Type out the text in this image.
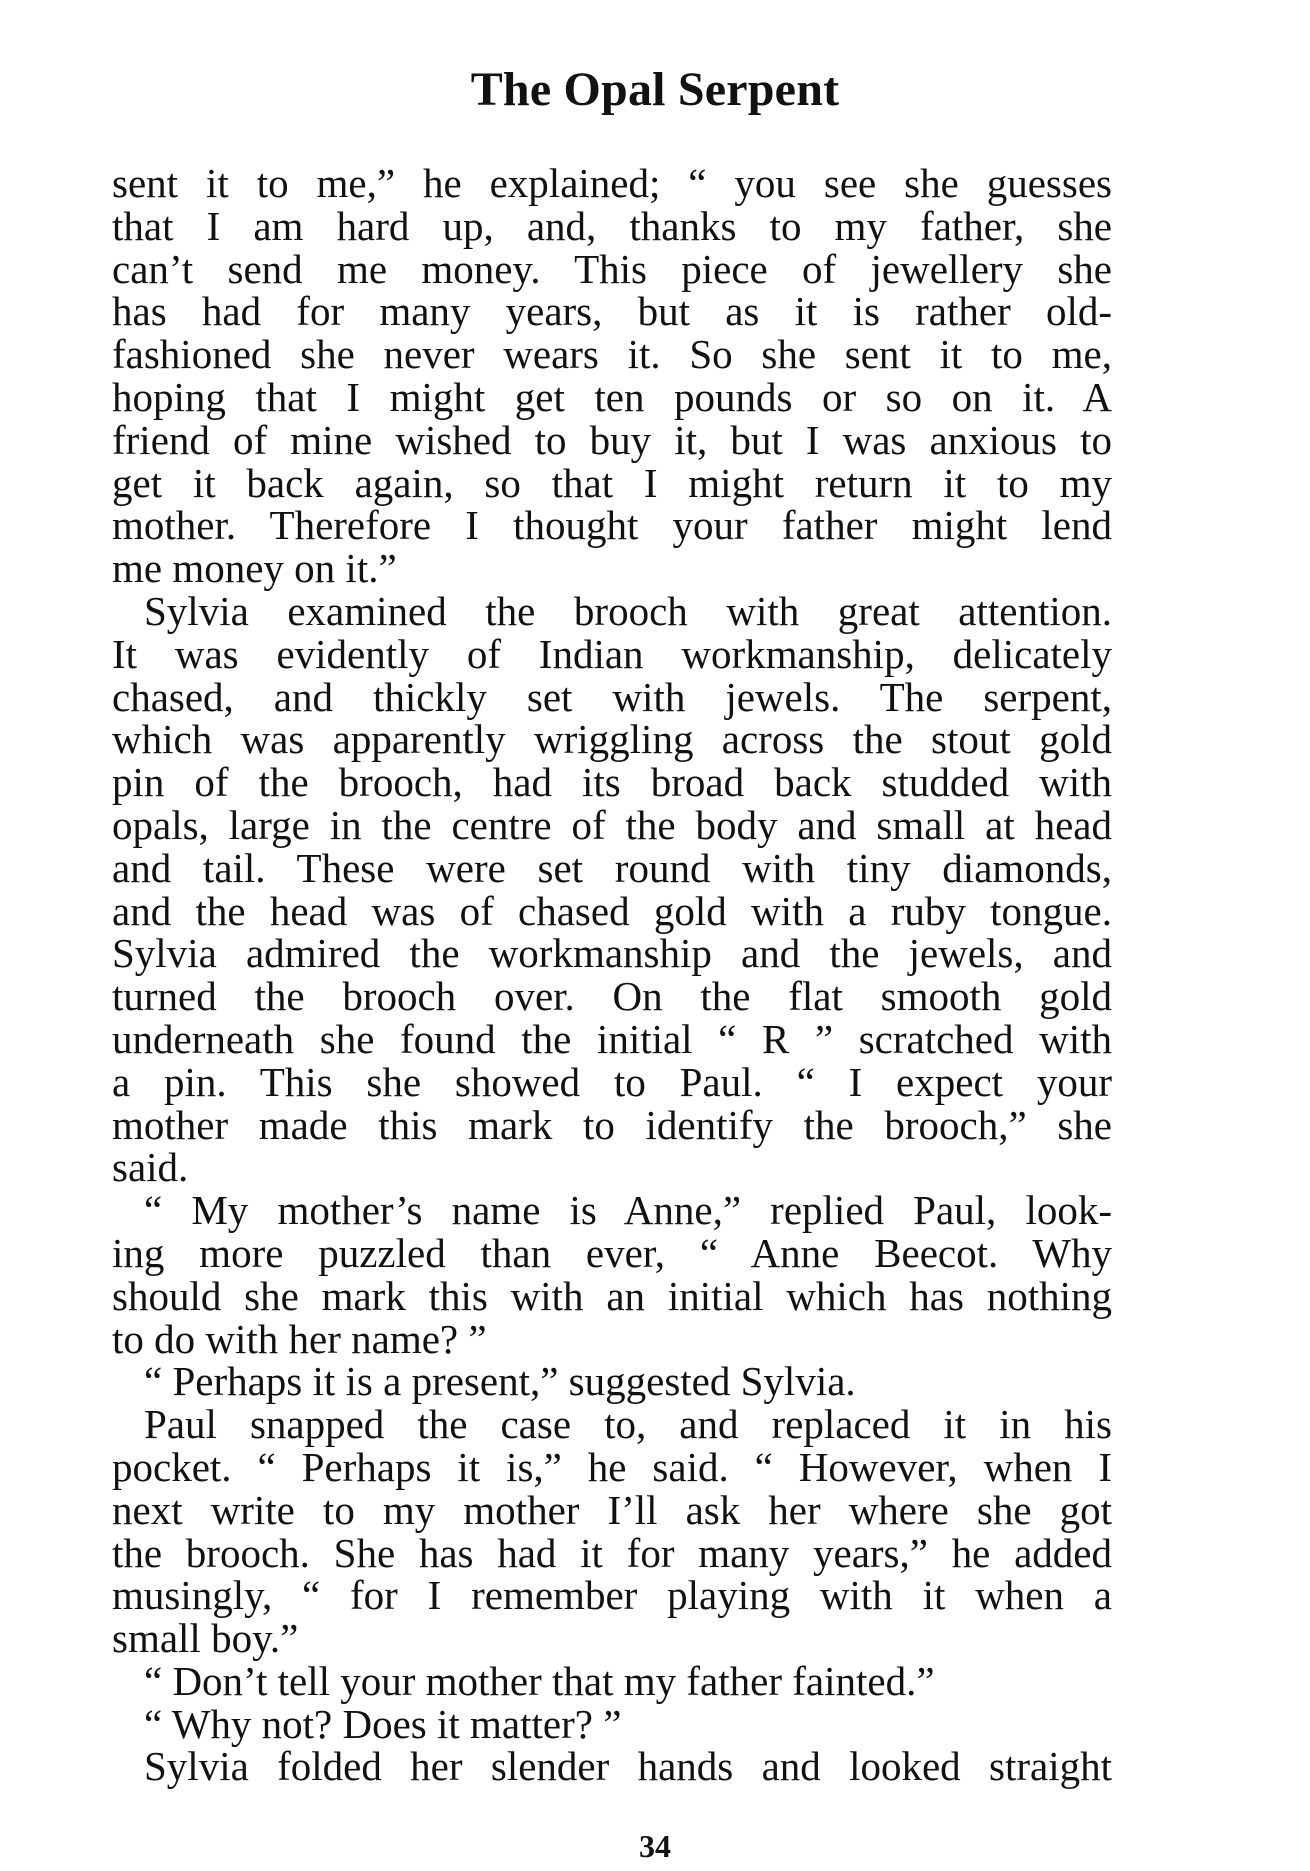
The Opal Serpent
sent it to me,” he explained; “ you see she guesses
that I am hard up, and, thanks to my father, she
can’t send me money. This piece of jewellery she
has had for many years, but as it is rather old-
fashioned she never wears it. So she sent it to me,
hoping that I might get ten pounds or so on it. A
friend of mine wished to buy it, but I was anxious to
get it back again, so that I might return it to my
mother. Therefore I thought your father might lend
me money on it.”
Sylvia examined the brooch with great attention.
It was evidently of Indian workmanship, delicately
chased, and thickly set with jewels. The serpent,
which was apparently wriggling across the stout gold
pin of the brooch, had its broad back studded with
opals, large in the centre of the body and small at head
and tail. These were set round with tiny diamonds,
and the head was of chased gold with a ruby tongue.
Sylvia admired the workmanship and the jewels, and
turned the brooch over. On the flat smooth gold
underneath she found the initial “ R ” scratched with
a pin. This she showed to Paul. “ I expect your
mother made this mark to identify the brooch,” she
said.
“ My mother’s name is Anne,” replied Paul, look-
ing more puzzled than ever, “ Anne Beecot. Why
should she mark this with an initial which has nothing
to do with her name? ”
“ Perhaps it is a present,” suggested Sylvia.
Paul snapped the case to, and replaced it in his
pocket. “ Perhaps it is,” he said. “ However, when I
next write to my mother I’ll ask her where she got
the brooch. She has had it for many years,” he added
musingly, “ for I remember playing with it when a
small boy.”
“ Don’t tell your mother that my father fainted.”
“ Why not? Does it matter? ”
Sylvia folded her slender hands and looked straight
34
